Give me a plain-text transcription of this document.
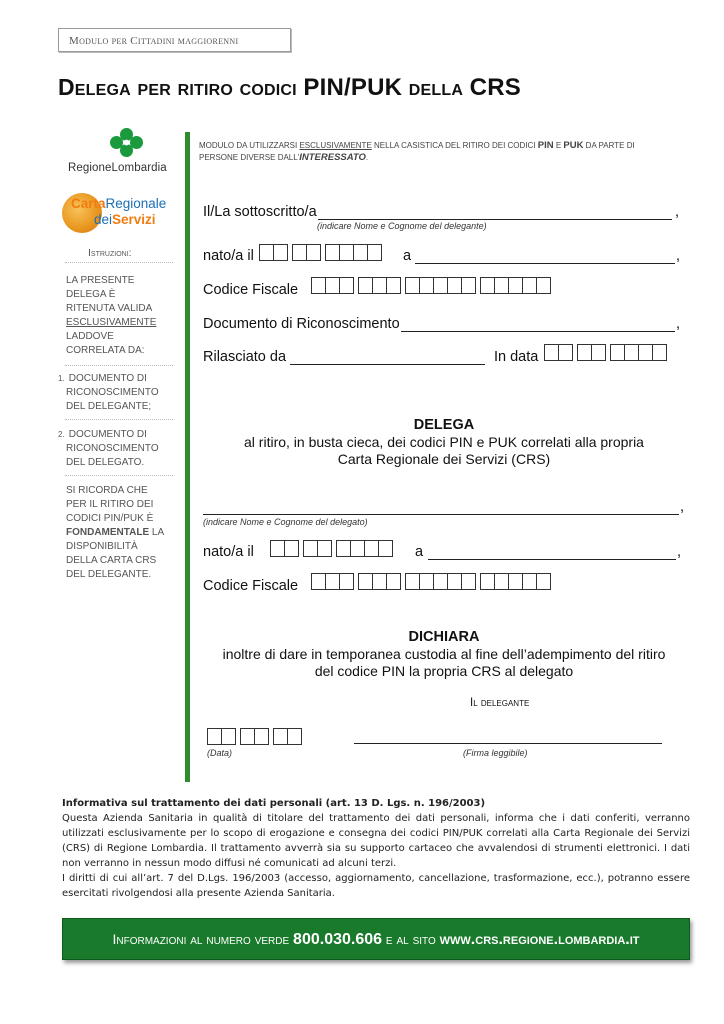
Modulo per Cittadini maggiorenni
Delega per ritiro codici PIN/PUK della CRS
RegioneLombardia
CartaRegionale
deiServizi
Istruzioni:
LA PRESENTE
DELEGA È
RITENUTA VALIDA
ESCLUSIVAMENTE
LADDOVE
CORRELATA DA:
1. DOCUMENTO DI
RICONOSCIMENTO
DEL DELEGANTE;
2. DOCUMENTO DI
RICONOSCIMENTO
DEL DELEGATO.
SI RICORDA CHE
PER IL RITIRO DEI
CODICI PIN/PUK È
FONDAMENTALE LA
DISPONIBILITÀ
DELLA CARTA CRS
DEL DELEGANTE.
MODULO DA UTILIZZARSI ESCLUSIVAMENTE NELLA CASISTICA DEL RITIRO DEI CODICI PIN E PUK DA PARTE DI
PERSONE DIVERSE DALL'INTERESSATO.
Il/La sottoscritto/a	,
(indicare Nome e Cognome del delegante)
nato/a il	a	,
Codice Fiscale
Documento di Riconoscimento	,
Rilasciato da	In data
DELEGA
al ritiro, in busta cieca, dei codici PIN e PUK correlati alla propria
Carta Regionale dei Servizi (CRS)
,
(indicare Nome e Cognome del delegato)
nato/a il	a	,
Codice Fiscale
DICHIARA
inoltre di dare in temporanea custodia al fine dell’adempimento del ritiro
del codice PIN la propria CRS al delegato
Il delegante
(Data)	(Firma leggibile)
Informativa sul trattamento dei dati personali (art. 13 D. Lgs. n. 196/2003)
Questa Azienda Sanitaria in qualità di titolare del trattamento dei dati personali, informa che i dati conferiti, verranno utilizzati esclusivamente per lo scopo di erogazione e consegna dei codici PIN/PUK correlati alla Carta Regionale dei Servizi (CRS) di Regione Lombardia. Il trattamento avverrà sia su supporto cartaceo che avvalendosi di strumenti elettronici. I dati non verranno in nessun modo diffusi né comunicati ad alcuni terzi.
I diritti di cui all’art. 7 del D.Lgs. 196/2003 (accesso, aggiornamento, cancellazione, trasformazione, ecc.), potranno essere esercitati rivolgendosi alla presente Azienda Sanitaria.
Informazioni al numero verde 800.030.606 e al sito www.crs.regione.lombardia.it
